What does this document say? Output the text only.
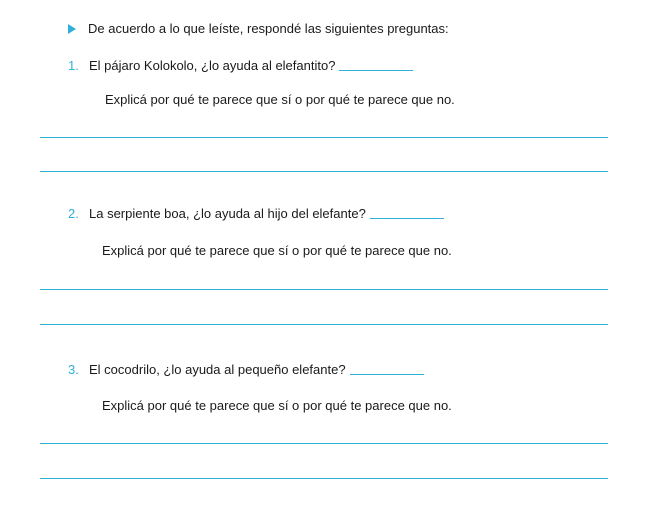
De acuerdo a lo que leíste, respondé las siguientes preguntas:
1. El pájaro Kolokolo, ¿lo ayuda al elefantito?
Explicá por qué te parece que sí o por qué te parece que no.
2. La serpiente boa, ¿lo ayuda al hijo del elefante?
Explicá por qué te parece que sí o por qué te parece que no.
3. El cocodrilo, ¿lo ayuda al pequeño elefante?
Explicá por qué te parece que sí o por qué te parece que no.
